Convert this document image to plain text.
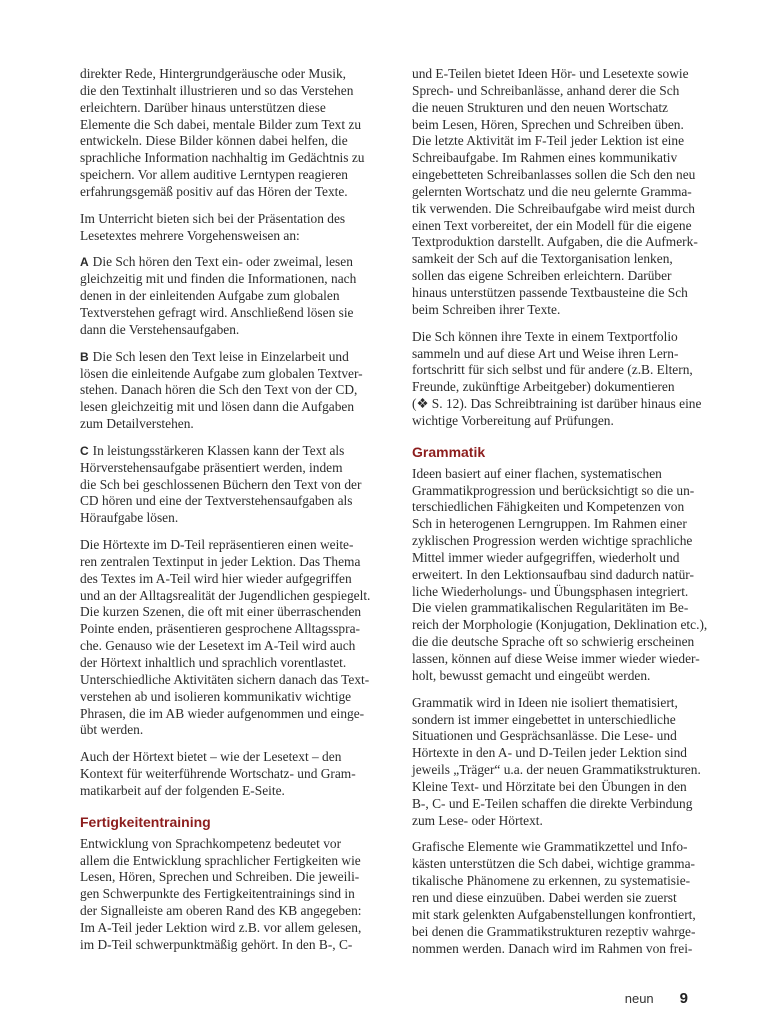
direkter Rede, Hintergrundgeräusche oder Musik,
die den Textinhalt illustrieren und so das Verstehen
erleichtern. Darüber hinaus unterstützen diese
Elemente die Sch dabei, mentale Bilder zum Text zu
entwickeln. Diese Bilder können dabei helfen, die
sprachliche Information nachhaltig im Gedächtnis zu
speichern. Vor allem auditive Lerntypen reagieren
erfahrungsgemäß positiv auf das Hören der Texte.
Im Unterricht bieten sich bei der Präsentation des
Lesetextes mehrere Vorgehensweisen an:
A Die Sch hören den Text ein- oder zweimal, lesen
gleichzeitig mit und finden die Informationen, nach
denen in der einleitenden Aufgabe zum globalen
Textverstehen gefragt wird. Anschließend lösen sie
dann die Verstehensaufgaben.
B Die Sch lesen den Text leise in Einzelarbeit und
lösen die einleitende Aufgabe zum globalen Textver-
stehen. Danach hören die Sch den Text von der CD,
lesen gleichzeitig mit und lösen dann die Aufgaben
zum Detailverstehen.
C In leistungsstärkeren Klassen kann der Text als
Hörverstehensaufgabe präsentiert werden, indem
die Sch bei geschlossenen Büchern den Text von der
CD hören und eine der Textverstehensaufgaben als
Höraufgabe lösen.
Die Hörtexte im D-Teil repräsentieren einen weite-
ren zentralen Textinput in jeder Lektion. Das Thema
des Textes im A-Teil wird hier wieder aufgegriffen
und an der Alltagsrealität der Jugendlichen gespiegelt.
Die kurzen Szenen, die oft mit einer überraschenden
Pointe enden, präsentieren gesprochene Alltagsspra-
che. Genauso wie der Lesetext im A-Teil wird auch
der Hörtext inhaltlich und sprachlich vorentlastet.
Unterschiedliche Aktivitäten sichern danach das Text-
verstehen ab und isolieren kommunikativ wichtige
Phrasen, die im AB wieder aufgenommen und einge-
übt werden.
Auch der Hörtext bietet – wie der Lesetext – den
Kontext für weiterführende Wortschatz- und Gram-
matikarbeit auf der folgenden E-Seite.
Fertigkeitentraining
Entwicklung von Sprachkompetenz bedeutet vor
allem die Entwicklung sprachlicher Fertigkeiten wie
Lesen, Hören, Sprechen und Schreiben. Die jeweili-
gen Schwerpunkte des Fertigkeitentrainings sind in
der Signalleiste am oberen Rand des KB angegeben:
Im A-Teil jeder Lektion wird z.B. vor allem gelesen,
im D-Teil schwerpunktmäßig gehört. In den B-, C-
und E-Teilen bietet Ideen Hör- und Lesetexte sowie
Sprech- und Schreibanlässe, anhand derer die Sch
die neuen Strukturen und den neuen Wortschatz
beim Lesen, Hören, Sprechen und Schreiben üben.
Die letzte Aktivität im F-Teil jeder Lektion ist eine
Schreibaufgabe. Im Rahmen eines kommunikativ
eingebetteten Schreibanlasses sollen die Sch den neu
gelernten Wortschatz und die neu gelernte Gramma-
tik verwenden. Die Schreibaufgabe wird meist durch
einen Text vorbereitet, der ein Modell für die eigene
Textproduktion darstellt. Aufgaben, die die Aufmerk-
samkeit der Sch auf die Textorganisation lenken,
sollen das eigene Schreiben erleichtern. Darüber
hinaus unterstützen passende Textbausteine die Sch
beim Schreiben ihrer Texte.
Die Sch können ihre Texte in einem Textportfolio
sammeln und auf diese Art und Weise ihren Lern-
fortschritt für sich selbst und für andere (z.B. Eltern,
Freunde, zukünftige Arbeitgeber) dokumentieren
(❖ S. 12). Das Schreibtraining ist darüber hinaus eine
wichtige Vorbereitung auf Prüfungen.
Grammatik
Ideen basiert auf einer flachen, systematischen
Grammatikprogression und berücksichtigt so die un-
terschiedlichen Fähigkeiten und Kompetenzen von
Sch in heterogenen Lerngruppen. Im Rahmen einer
zyklischen Progression werden wichtige sprachliche
Mittel immer wieder aufgegriffen, wiederholt und
erweitert. In den Lektionsaufbau sind dadurch natür-
liche Wiederholungs- und Übungsphasen integriert.
Die vielen grammatikalischen Regularitäten im Be-
reich der Morphologie (Konjugation, Deklination etc.),
die die deutsche Sprache oft so schwierig erscheinen
lassen, können auf diese Weise immer wieder wieder-
holt, bewusst gemacht und eingeübt werden.
Grammatik wird in Ideen nie isoliert thematisiert,
sondern ist immer eingebettet in unterschiedliche
Situationen und Gesprächsanlässe. Die Lese- und
Hörtexte in den A- und D-Teilen jeder Lektion sind
jeweils „Träger“ u.a. der neuen Grammatikstrukturen.
Kleine Text- und Hörzitate bei den Übungen in den
B-, C- und E-Teilen schaffen die direkte Verbindung
zum Lese- oder Hörtext.
Grafische Elemente wie Grammatikzettel und Info-
kästen unterstützen die Sch dabei, wichtige gramma-
tikalische Phänomene zu erkennen, zu systematisie-
ren und diese einzuüben. Dabei werden sie zuerst
mit stark gelenkten Aufgabenstellungen konfrontiert,
bei denen die Grammatikstrukturen rezeptiv wahrge-
nommen werden. Danach wird im Rahmen von frei-
neun 9
